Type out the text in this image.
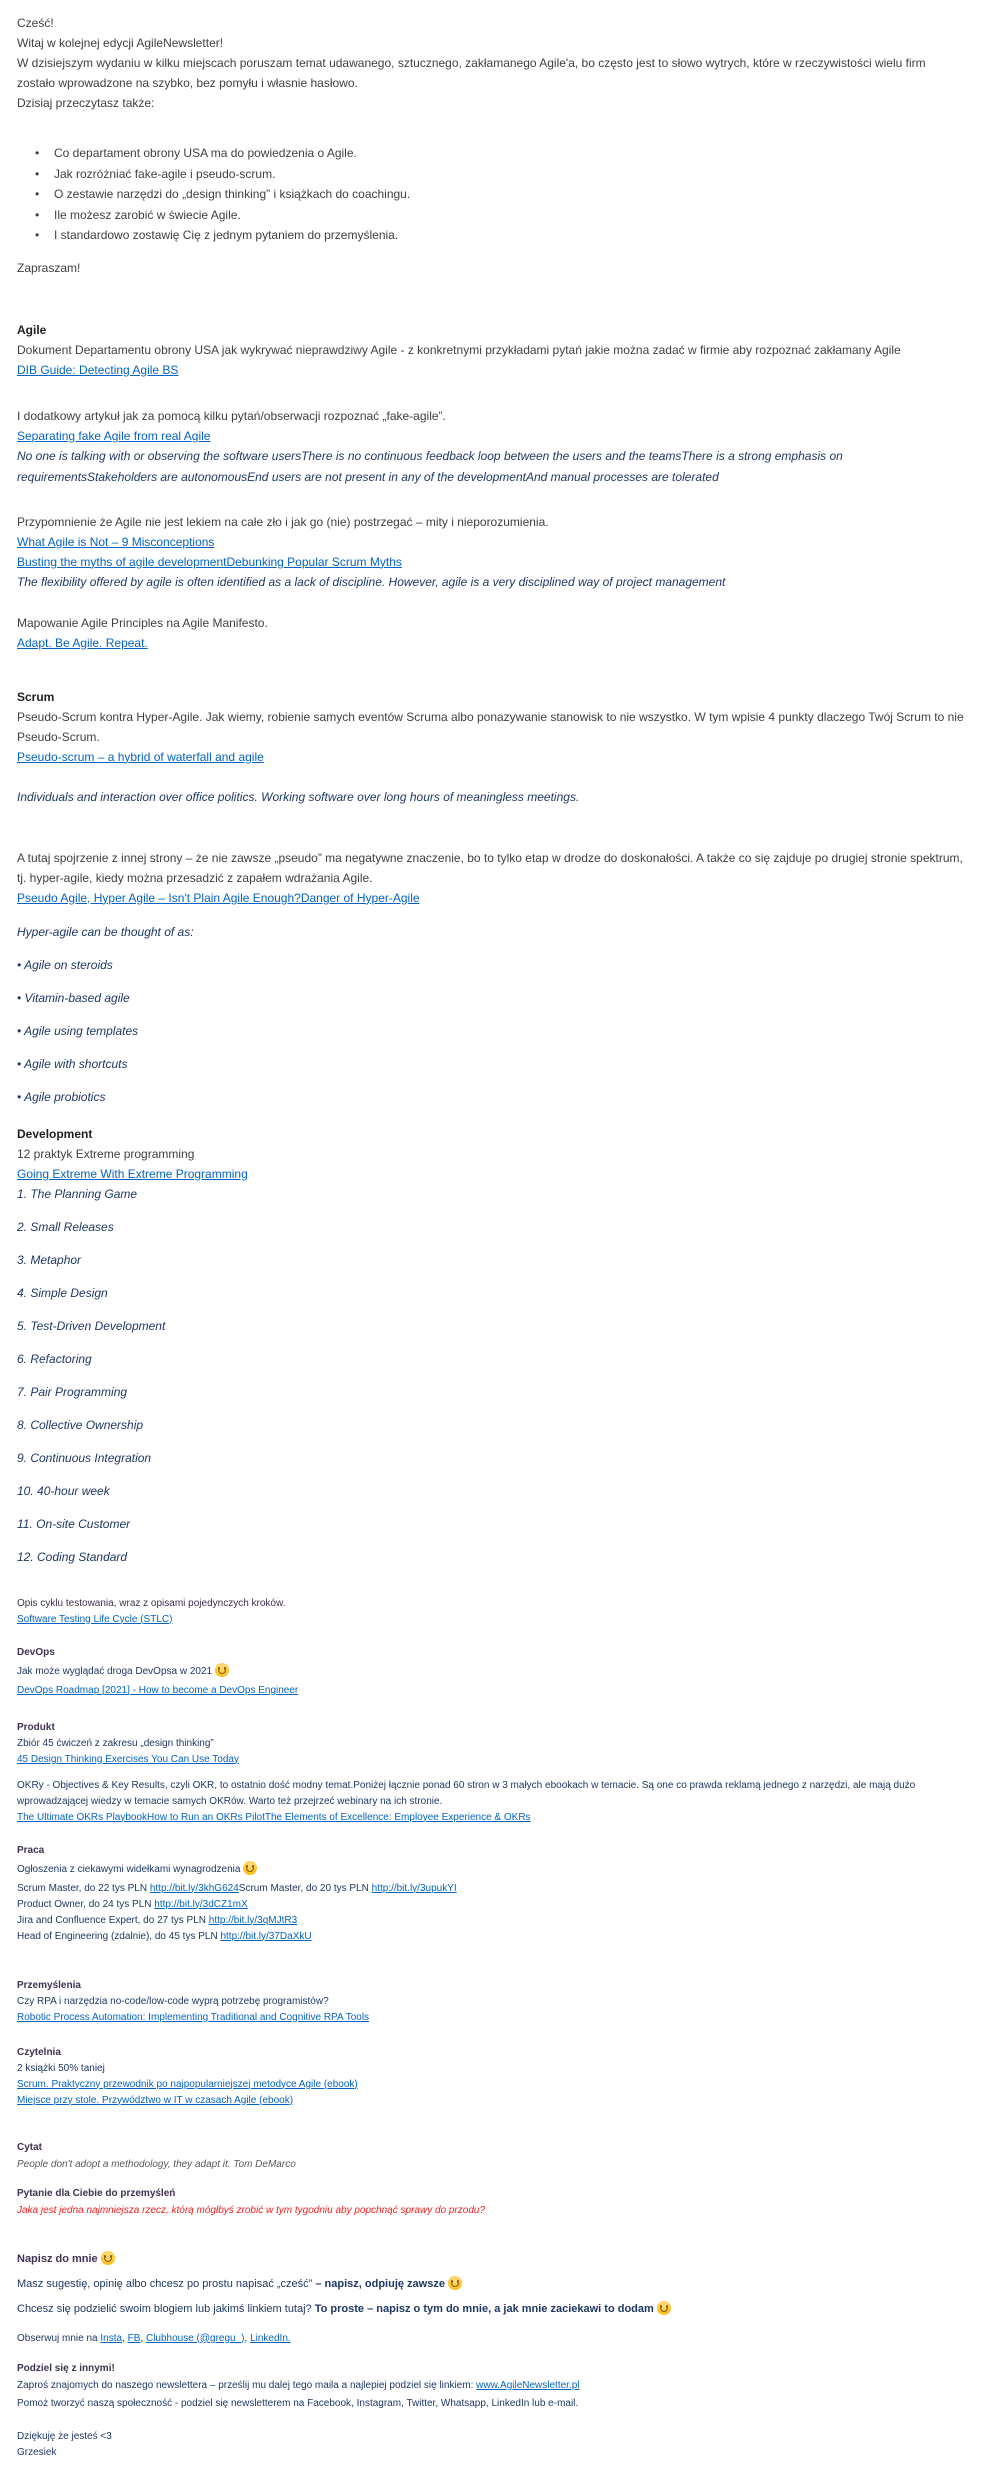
Cześć!

Witaj w kolejnej edycji AgileNewsletter!

W dzisiejszym wydaniu w kilku miejscach poruszam temat udawanego, sztucznego, zakłamanego Agile'a, bo często jest to słowo wytrych, które w rzeczywistości wielu firm zostało wprowadzone na szybko, bez pomyłu i własnie hasłowo.

Dzisiaj przeczytasz także:

• Co departament obrony USA ma do powiedzenia o Agile.

• Jak rozróżniać fake-agile i pseudo-scrum.

• O zestawie narzędzi do „design thinking” i książkach do coachingu.

• Ile możesz zarobić w świecie Agile.

• I standardowo zostawię Cię z jednym pytaniem do przemyślenia.

Zapraszam!

Agile

Dokument Departamentu obrony USA jak wykrywać nieprawdziwy Agile - z konkretnymi przykładami pytań jakie można zadać w firmie aby rozpoznać zakłamany Agile

DIB Guide: Detecting Agile BS

I dodatkowy artykuł jak za pomocą kilku pytań/obserwacji rozpoznać „fake-agile”.

Separating fake Agile from real Agile

No one is talking with or observing the software usersThere is no continuous feedback loop between the users and the teamsThere is a strong emphasis on requirementsStakeholders are autonomousEnd users are not present in any of the developmentAnd manual processes are tolerated

Przypomnienie że Agile nie jest lekiem na całe zło i jak go (nie) postrzegać – mity i nieporozumienia.

What Agile is Not – 9 Misconceptions

Busting the myths of agile developmentDebunking Popular Scrum Myths

The flexibility offered by agile is often identified as a lack of discipline. However, agile is a very disciplined way of project management

Mapowanie Agile Principles na Agile Manifesto.

Adapt. Be Agile. Repeat.

Scrum

Pseudo-Scrum kontra Hyper-Agile. Jak wiemy, robienie samych eventów Scruma albo ponazywanie stanowisk to nie wszystko. W tym wpisie 4 punkty dlaczego Twój Scrum to nie Pseudo-Scrum.

Pseudo-scrum – a hybrid of waterfall and agile

Individuals and interaction over office politics. Working software over long hours of meaningless meetings.

A tutaj spojrzenie z innej strony – że nie zawsze „pseudo” ma negatywne znaczenie, bo to tylko etap w drodze do doskonałości. A także co się zajduje po drugiej stronie spektrum, tj. hyper-agile, kiedy można przesadzić z zapałem wdrażania Agile.

Pseudo Agile, Hyper Agile – Isn't Plain Agile Enough?Danger of Hyper-Agile

Hyper-agile can be thought of as:

• Agile on steroids

• Vitamin-based agile

• Agile using templates

• Agile with shortcuts

• Agile probiotics

Development

12 praktyk Extreme programming

Going Extreme With Extreme Programming

1. The Planning Game

2. Small Releases

3. Metaphor

4. Simple Design

5. Test-Driven Development

6. Refactoring

7. Pair Programming

8. Collective Ownership

9. Continuous Integration

10. 40-hour week

11. On-site Customer

12. Coding Standard

Opis cyklu testowania, wraz z opisami pojedynczych kroków.

Software Testing Life Cycle (STLC)

DevOps

Jak może wyglądać droga DevOpsa w 2021

DevOps Roadmap [2021] - How to become a DevOps Engineer

Produkt

Zbiór 45 ćwiczeń z zakresu „design thinking”

45 Design Thinking Exercises You Can Use Today

OKRy - Objectives & Key Results, czyli OKR, to ostatnio dość modny temat.Poniżej łącznie ponad 60 stron w 3 małych ebookach w temacie. Są one co prawda reklamą jednego z narzędzi, ale mają dużo wprowadzającej wiedzy w temacie samych OKRów. Warto też przejrzeć webinary na ich stronie.

The Ultimate OKRs PlaybookHow to Run an OKRs PilotThe Elements of Excellence: Employee Experience & OKRs

Praca

Ogłoszenia z ciekawymi widełkami wynagrodzenia

Scrum Master, do 22 tys PLN http://bit.ly/3khG624Scrum Master, do 20 tys PLN http://bit.ly/3upukYI

Product Owner, do 24 tys PLN http://bit.ly/3dCZ1mX

Jira and Confluence Expert, do 27 tys PLN http://bit.ly/3qMJtR3

Head of Engineering (zdalnie), do 45 tys PLN http://bit.ly/37DaXkU

Przemyślenia

Czy RPA i narzędzia no-code/low-code wyprą potrzebę programistów?

Robotic Process Automation: Implementing Traditional and Cognitive RPA Tools

Czytelnia

2 książki 50% taniej

Scrum. Praktyczny przewodnik po najpopularniejszej metodyce Agile (ebook)

Miejsce przy stole. Przywództwo w IT w czasach Agile (ebook)

Cytat

People don't adopt a methodology, they adapt it. Tom DeMarco

Pytanie dla Ciebie do przemyśleń

Jaka jest jedna najmniejsza rzecz, którą mógłbyś zrobić w tym tygodniu aby popchnąć sprawy do przodu?

Napisz do mnie

Masz sugestię, opinię albo chcesz po prostu napisać „cześć” – napisz, odpiuję zawsze

Chcesz się podzielić swoim blogiem lub jakimś linkiem tutaj? To proste – napisz o tym do mnie, a jak mnie zaciekawi to dodam

Obserwuj mnie na Insta, FB, Clubhouse (@gregu_), LinkedIn.

Podziel się z innymi!

Zaproś znajomych do naszego newslettera – prześlij mu dalej tego maila a najlepiej podziel się linkiem: www.AgileNewsletter.pl

Pomoż tworzyć naszą społeczność - podziel się newsletterem na Facebook, Instagram, Twitter, Whatsapp, LinkedIn lub e-mail.

Dziękuję że jesteś <3

Grzesiek
